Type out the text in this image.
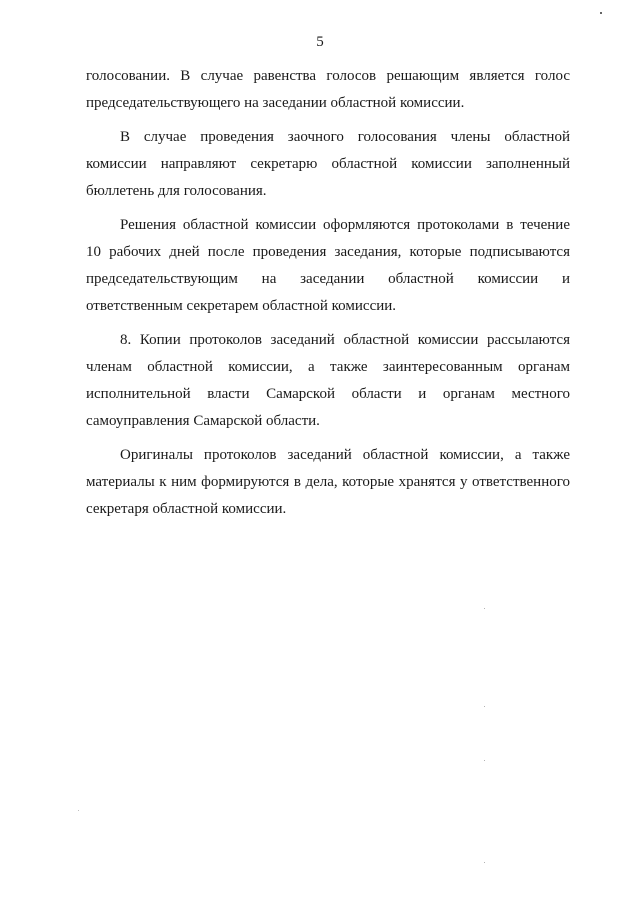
5
голосовании. В случае равенства голосов решающим является голос
председательствующего на заседании областной комиссии.
В случае проведения заочного голосования члены областной
комиссии направляют секретарю областной комиссии заполненный
бюллетень для голосования.
Решения областной комиссии оформляются протоколами в течение
10 рабочих дней после проведения заседания, которые подписываются
председательствующим на заседании областной комиссии и
ответственным секретарем областной комиссии.
8. Копии протоколов заседаний областной комиссии рассылаются
членам областной комиссии, а также заинтересованным органам
исполнительной власти Самарской области и органам местного
самоуправления Самарской области.
Оригиналы протоколов заседаний областной комиссии, а также
материалы к ним формируются в дела, которые хранятся у ответственного
секретаря областной комиссии.
